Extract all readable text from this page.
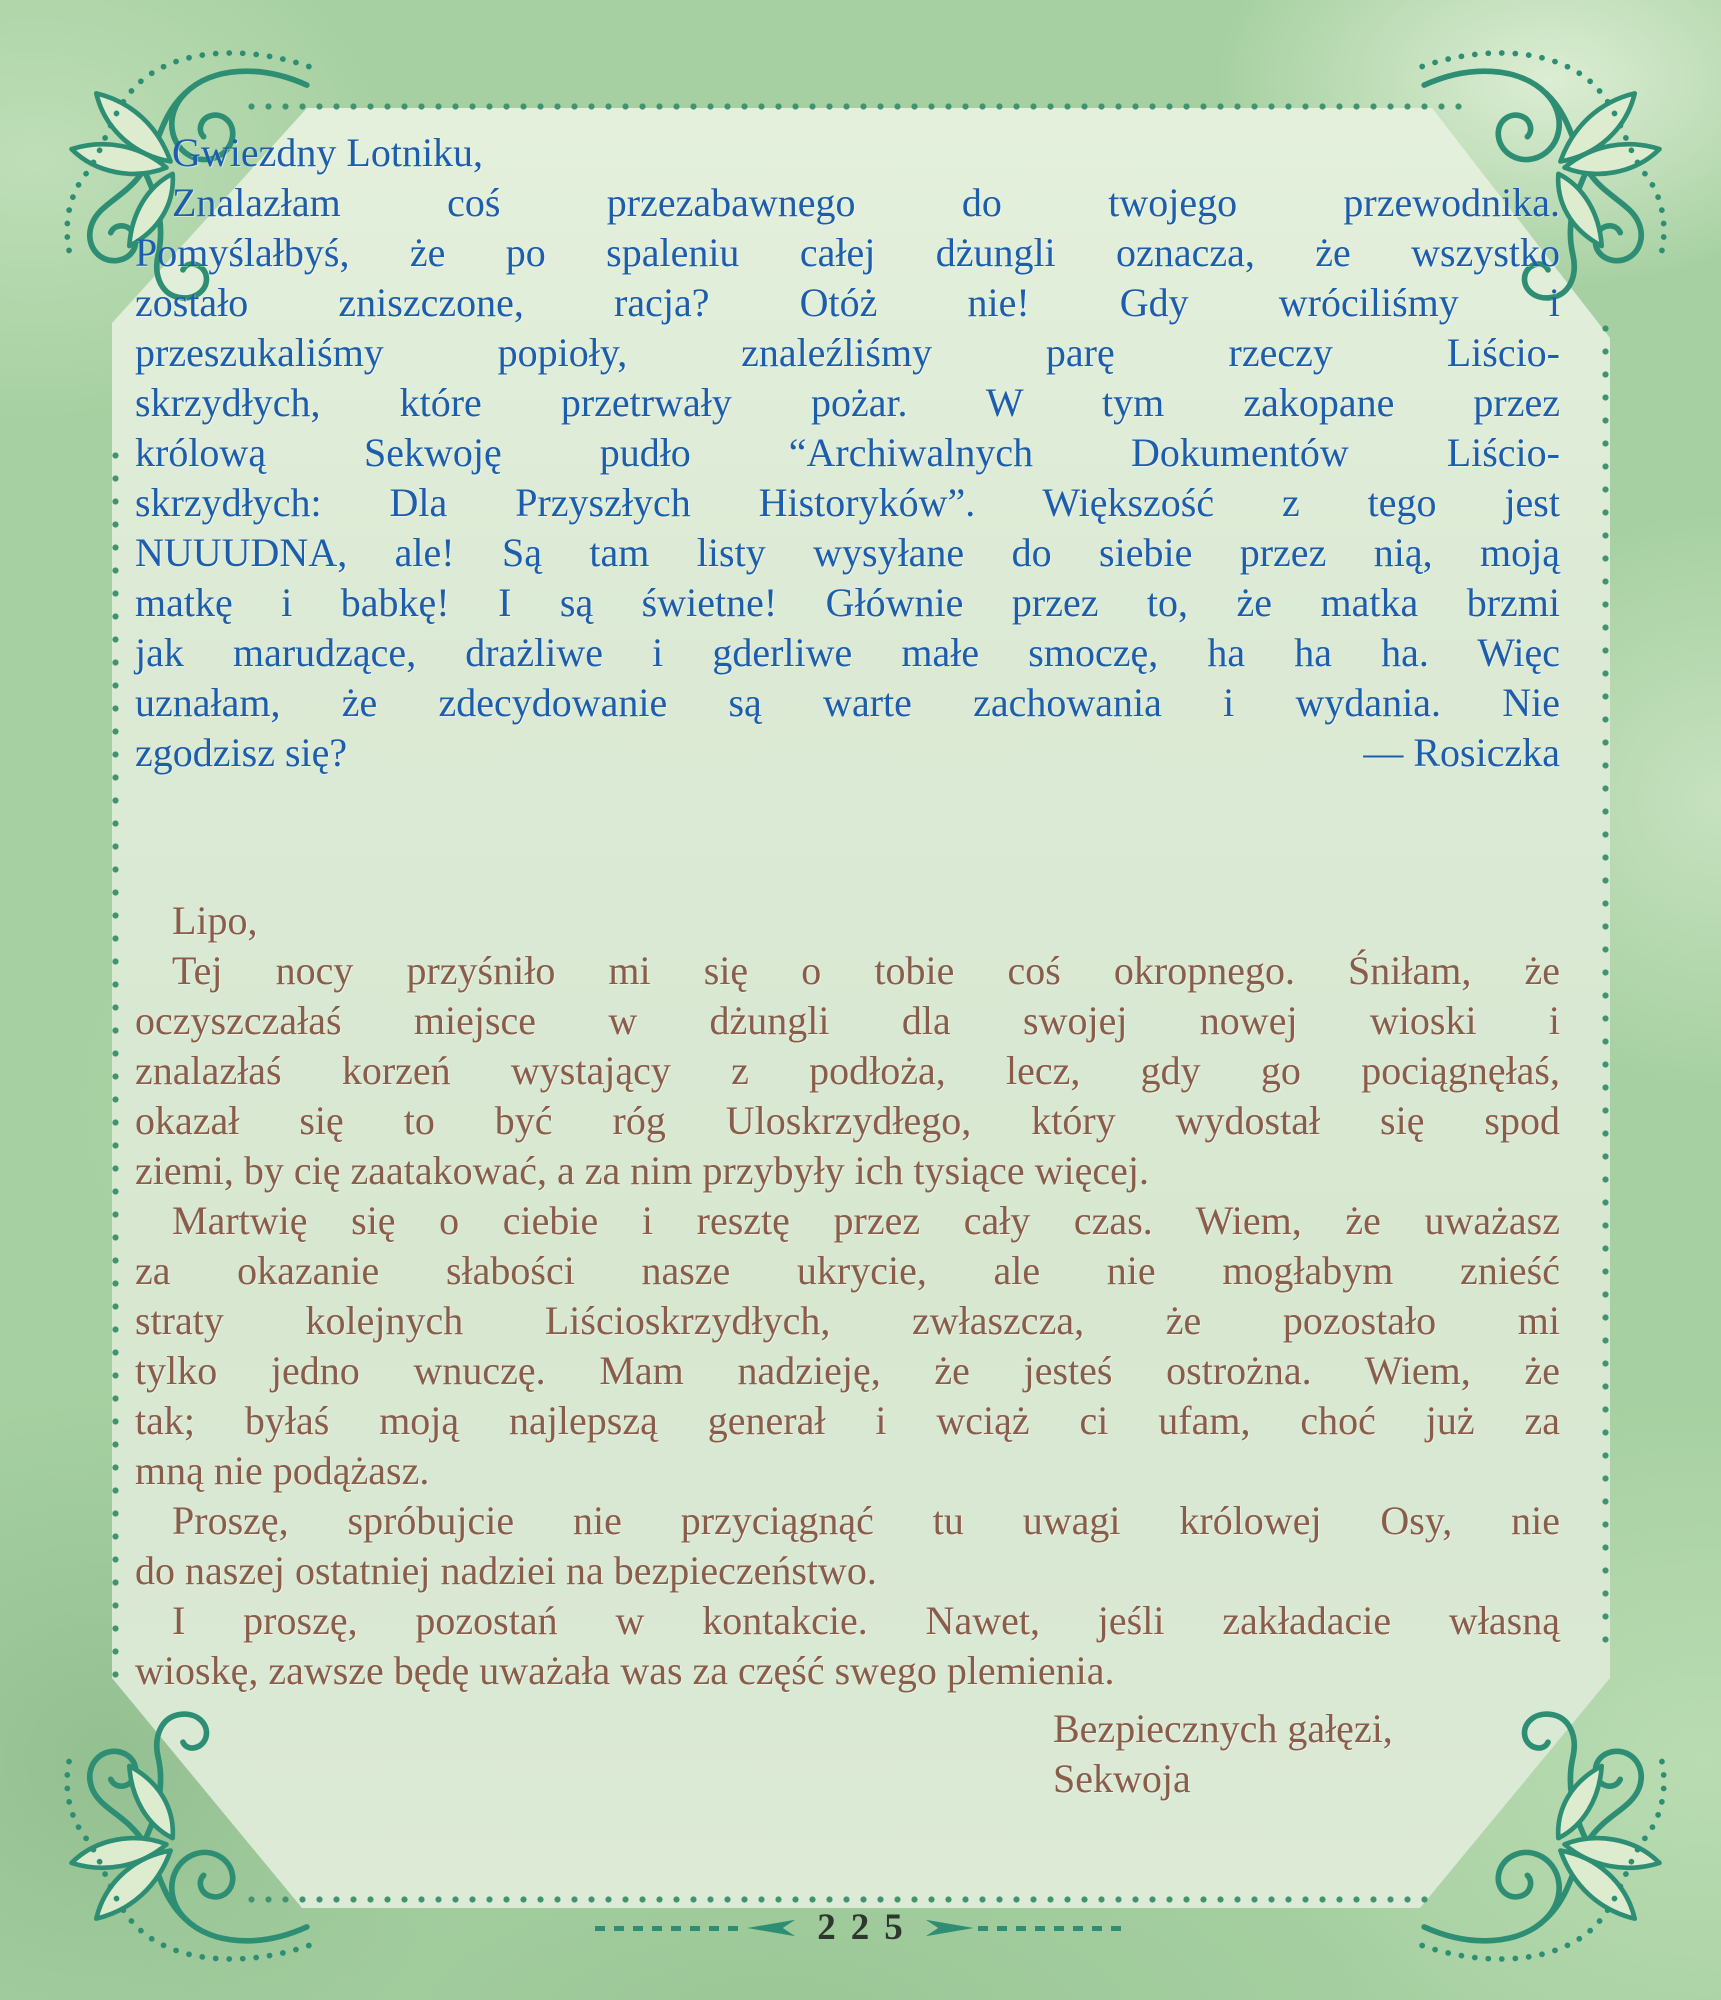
Gwiezdny Lotniku,
Znalazłam coś przezabawnego do twojego przewodnika.
Pomyślałbyś, że po spaleniu całej dżungli oznacza, że wszystko
zostało zniszczone, racja? Otóż nie! Gdy wróciliśmy i
przeszukaliśmy popioły, znaleźliśmy parę rzeczy Liścio-
skrzydłych, które przetrwały pożar. W tym zakopane przez
królową Sekwoję pudło “Archiwalnych Dokumentów Liścio-
skrzydłych: Dla Przyszłych Historyków”. Większość z tego jest
NUUUDNA, ale! Są tam listy wysyłane do siebie przez nią, moją
matkę i babkę! I są świetne! Głównie przez to, że matka brzmi
jak marudzące, drażliwe i gderliwe małe smoczę, ha ha ha. Więc
uznałam, że zdecydowanie są warte zachowania i wydania. Nie
zgodzisz się?	— Rosiczka
Lipo,
Tej nocy przyśniło mi się o tobie coś okropnego. Śniłam, że
oczyszczałaś miejsce w dżungli dla swojej nowej wioski i
znalazłaś korzeń wystający z podłoża, lecz, gdy go pociągnęłaś,
okazał się to być róg Uloskrzydłego, który wydostał się spod
ziemi, by cię zaatakować, a za nim przybyły ich tysiące więcej.
Martwię się o ciebie i resztę przez cały czas. Wiem, że uważasz
za okazanie słabości nasze ukrycie, ale nie mogłabym znieść
straty kolejnych Liścioskrzydłych, zwłaszcza, że pozostało mi
tylko jedno wnuczę. Mam nadzieję, że jesteś ostrożna. Wiem, że
tak; byłaś moją najlepszą generał i wciąż ci ufam, choć już za
mną nie podążasz.
Proszę, spróbujcie nie przyciągnąć tu uwagi królowej Osy, nie
do naszej ostatniej nadziei na bezpieczeństwo.
I proszę, pozostań w kontakcie. Nawet, jeśli zakładacie własną
wioskę, zawsze będę uważała was za część swego plemienia.
Bezpiecznych gałęzi,
Sekwoja
225
